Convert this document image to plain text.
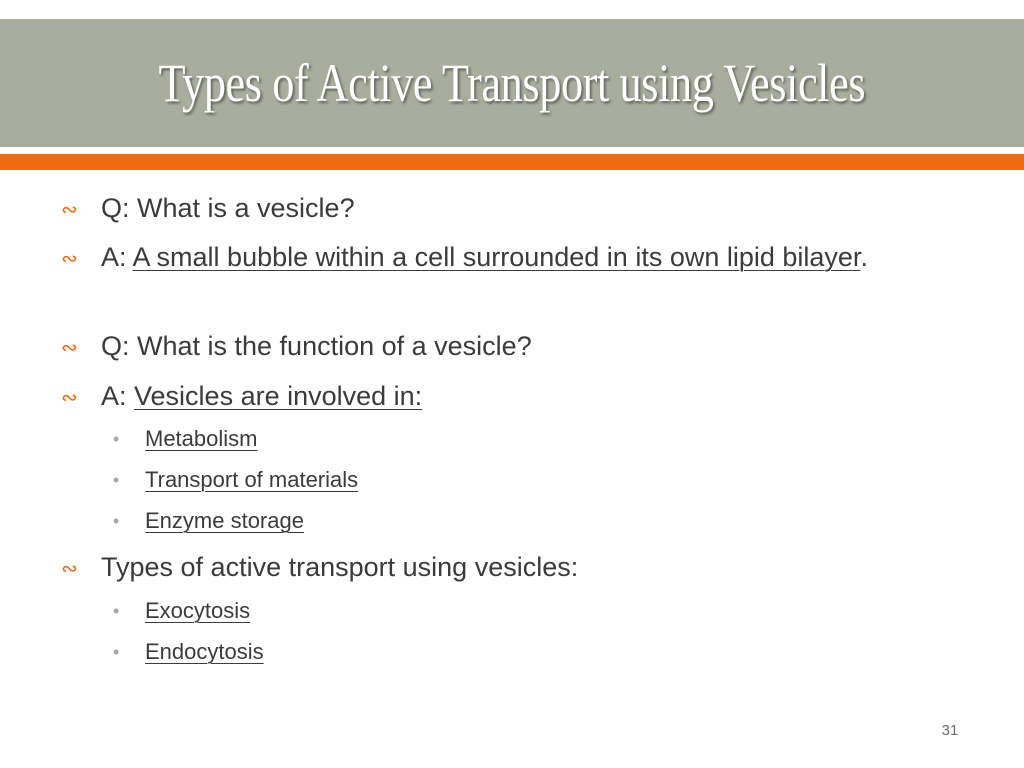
Types of Active Transport using Vesicles
∾ Q: What is a vesicle?
∾ A: A small bubble within a cell surrounded in its own lipid bilayer.
∾ Q: What is the function of a vesicle?
∾ A: Vesicles are involved in:
• Metabolism
• Transport of materials
• Enzyme storage
∾ Types of active transport using vesicles:
• Exocytosis
• Endocytosis
31
